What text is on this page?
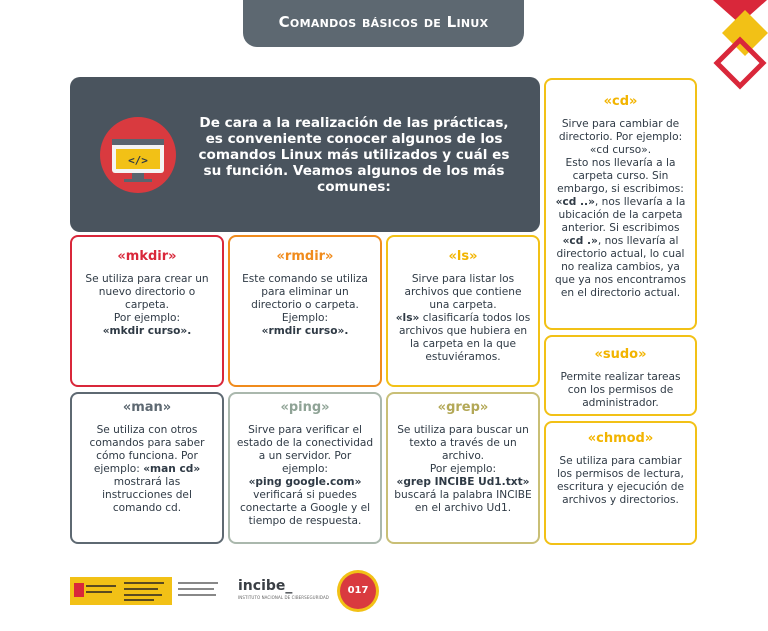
Comandos básicos de Linux
</>
De cara a la realización de las prácticas, es conveniente conocer algunos de los comandos Linux más utilizados y cuál es su función. Veamos algunos de los más comunes:
«cd»
Sirve para cambiar de directorio. Por ejemplo: «cd curso».
Esto nos llevaría a la carpeta curso. Sin embargo, si escribimos:
«cd ..», nos llevaría a la ubicación de la carpeta anterior. Si escribimos «cd .», nos llevaría al directorio actual, lo cual no realiza cambios, ya que ya nos encontramos en el directorio actual.
«sudo»
Permite realizar tareas con los permisos de administrador.
«chmod»
Se utiliza para cambiar los permisos de lectura, escritura y ejecución de archivos y directorios.
«mkdir»
Se utiliza para crear un nuevo directorio o carpeta.
Por ejemplo:
«mkdir curso».
«rmdir»
Este comando se utiliza para eliminar un directorio o carpeta. Ejemplo:
«rmdir curso».
«ls»
Sirve para listar los archivos que contiene una carpeta.
«ls» clasificaría todos los archivos que hubiera en la carpeta en la que estuviéramos.
«man»
Se utiliza con otros comandos para saber cómo funciona. Por ejemplo: «man cd» mostrará las instrucciones del comando cd.
«ping»
Sirve para verificar el estado de la conectividad a un servidor. Por ejemplo:
«ping google.com»
verificará si puedes conectarte a Google y el tiempo de respuesta.
«grep»
Se utiliza para buscar un texto a través de un archivo.
Por ejemplo:
«grep INCIBE Ud1.txt»
buscará la palabra INCIBE en el archivo Ud1.
incibe_
INSTITUTO NACIONAL DE CIBERSEGURIDAD
017
